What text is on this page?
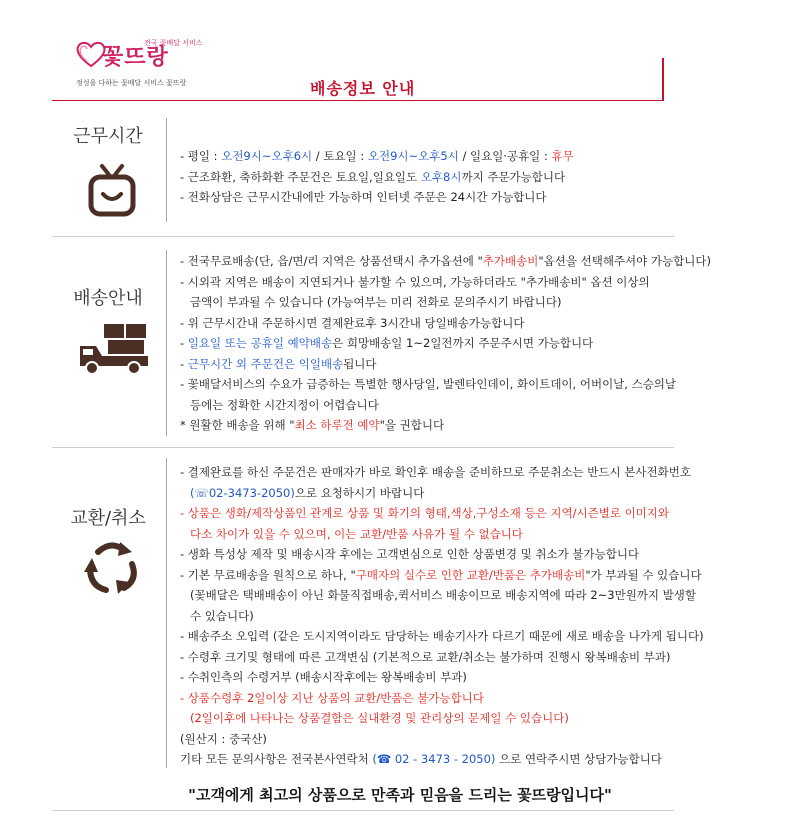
전국 꽃배달 서비스
꽃뜨랑
정성을 다하는 꽃배달 서비스 꽃뜨랑	배송정보 안내
근무시간
- 평일 : 오전9시~오후6시 / 토요일 : 오전9시~오후5시 / 일요일·공휴일 : 휴무
- 근조화환, 축하화환 주문건은 토요일,일요일도 오후8시까지 주문가능합니다
- 전화상담은 근무시간내에만 가능하며 인터넷 주문은 24시간 가능합니다
배송안내
- 전국무료배송(단, 읍/면/리 지역은 상품선택시 추가옵션에 "추가배송비"옵션을 선택해주셔야 가능합니다)
- 시외곽 지역은 배송이 지연되거나 불가할 수 있으며, 가능하더라도 "추가배송비" 옵션 이상의
금액이 부과될 수 있습니다 (가능여부는 미리 전화로 문의주시기 바랍니다)
- 위 근무시간내 주문하시면 결제완료후 3시간내 당일배송가능합니다
- 일요일 또는 공휴일 예약배송은 희망배송일 1~2일전까지 주문주시면 가능합니다
- 근무시간 외 주문건은 익일배송됩니다
- 꽃배달서비스의 수요가 급증하는 특별한 행사당일, 발렌타인데이, 화이트데이, 어버이날, 스승의날
등에는 정확한 시간지정이 어렵습니다
* 원활한 배송을 위해 "최소 하루전 예약"을 권합니다
교환/취소
- 결제완료를 하신 주문건은 판매자가 바로 확인후 배송을 준비하므로 주문취소는 반드시 본사전화번호
(☏02-3473-2050)으로 요청하시기 바랍니다
- 상품은 생화/제작상품인 관계로 상품 및 화기의 형태,색상,구성소재 등은 지역/시즌별로 이미지와
다소 차이가 있을 수 있으며, 이는 교환/반품 사유가 될 수 없습니다
- 생화 특성상 제작 및 배송시작 후에는 고객변심으로 인한 상품변경 및 취소가 불가능합니다
- 기본 무료배송을 원칙으로 하나, "구매자의 실수로 인한 교환/반품은 추가배송비"가 부과될 수 있습니다
(꽃배달은 택배배송이 아닌 화물직접배송,퀵서비스 배송이므로 배송지역에 따라 2~3만원까지 발생할
수 있습니다)
- 배송주소 오입력 (같은 도시지역이라도 담당하는 배송기사가 다르기 때문에 새로 배송을 나가게 됩니다)
- 수령후 크기및 형태에 따른 고객변심 (기본적으로 교환/취소는 불가하며 진행시 왕복배송비 부과)
- 수취인측의 수령거부 (배송시작후에는 왕복배송비 부과)
- 상품수령후 2일이상 지난 상품의 교환/반품은 불가능합니다
(2일이후에 나타나는 상품결함은 실내환경 및 관리상의 문제일 수 있습니다)
(원산지 : 중국산)
기타 모든 문의사항은 전국본사연락처 (☎ 02 - 3473 - 2050) 으로 연락주시면 상담가능합니다
"고객에게 최고의 상품으로 만족과 믿음을 드리는 꽃뜨랑입니다"
